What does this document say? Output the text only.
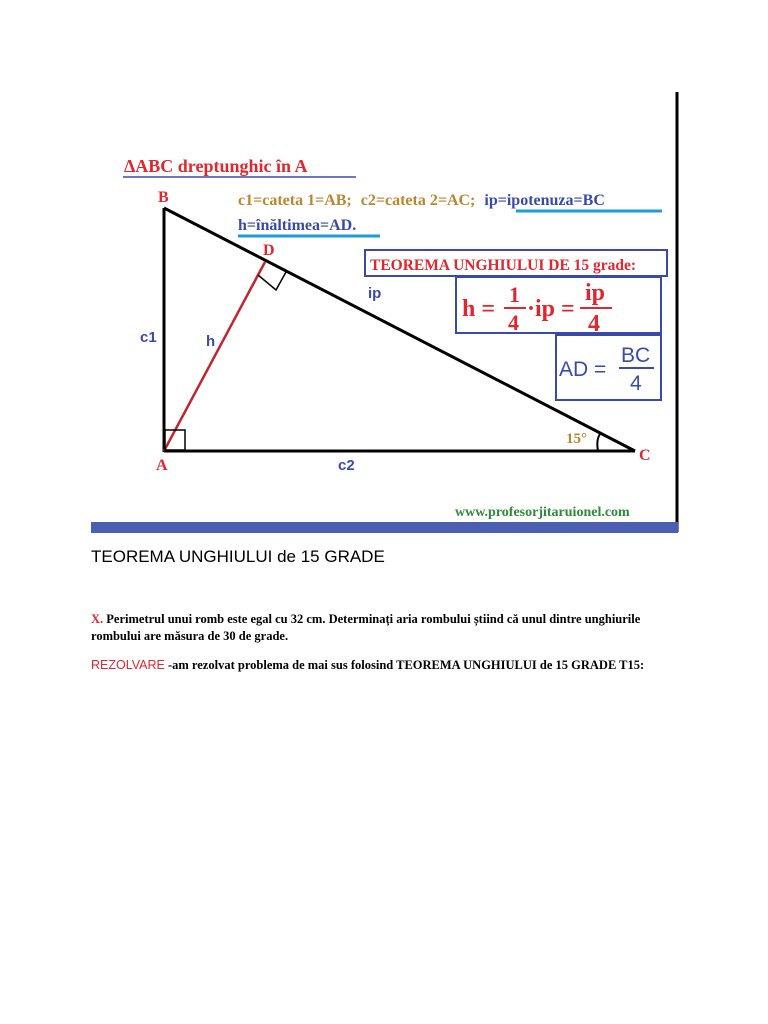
ΔABC dreptunghic în A
c1=cateta 1=AB; c2=cateta 2=AC; ip=ipotenuza=BC
h=înăltimea=AD.
B
A
C
D
c1
c2
ip
h
15°
TEOREMA UNGHIULUI DE 15 grade:
h =
1
4
·ip =
ip
4
AD =
BC
4
www.profesorjitaruionel.com
TEOREMA UNGHIULUI de 15 GRADE

X. Perimetrul unui romb este egal cu 32 cm. Determinați aria rombului știind că unul dintre unghiurile rombului are măsura de 30 de grade.

REZOLVARE -am rezolvat problema de mai sus folosind TEOREMA UNGHIULUI de 15 GRADE T15:
